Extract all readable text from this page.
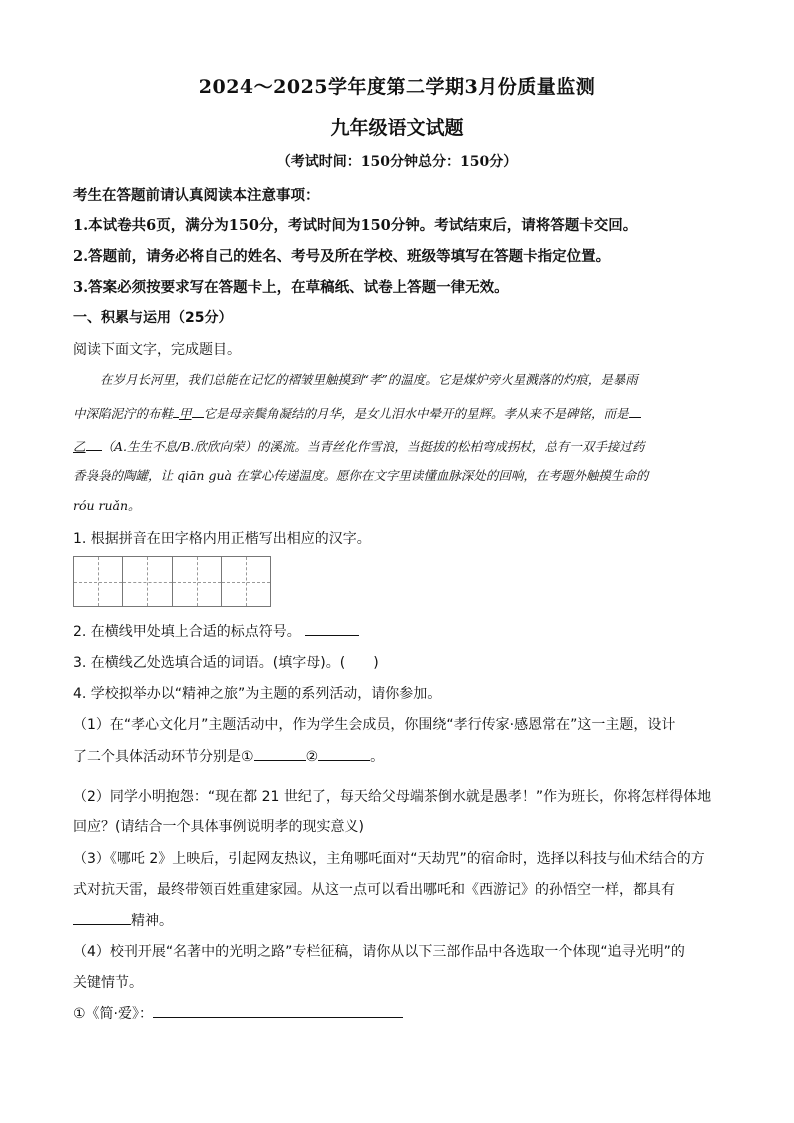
2024～2025学年度第二学期3月份质量监测
九年级语文试题
（考试时间：150分钟总分：150分）
考生在答题前请认真阅读本注意事项：
1.本试卷共6页，满分为150分，考试时间为150分钟。考试结束后，请将答题卡交回。
2.答题前，请务必将自己的姓名、考号及所在学校、班级等填写在答题卡指定位置。
3.答案必须按要求写在答题卡上，在草稿纸、试卷上答题一律无效。
一、积累与运用（25分）
阅读下面文字，完成题目。
在岁月长河里，我们总能在记忆的褶皱里触摸到“孝”的温度。它是煤炉旁火星溅落的灼痕，是暴雨
中深陷泥泞的布鞋 甲 它是母亲鬓角凝结的月华，是女儿泪水中晕开的星辉。孝从来不是碑铭，而是
乙 （A.生生不息/B.欣欣向荣）的溪流。当青丝化作雪浪，当挺拔的松柏弯成拐杖，总有一双手接过药
香袅袅的陶罐，让 qiān guà 在掌心传递温度。愿你在文字里读懂血脉深处的回响，在考题外触摸生命的
róu ruǎn。
1. 根据拼音在田字格内用正楷写出相应的汉字。
2. 在横线甲处填上合适的标点符号。
3. 在横线乙处选填合适的词语。(填字母)。(　　)
4. 学校拟举办以“精神之旅”为主题的系列活动，请你参加。
（1）在“孝心文化月”主题活动中，作为学生会成员，你围绕“孝行传家·感恩常在”这一主题，设计
了二个具体活动环节分别是①	②	。
（2）同学小明抱怨：“现在都 21 世纪了，每天给父母端茶倒水就是愚孝！”作为班长，你将怎样得体地
回应？(请结合一个具体事例说明孝的现实意义)
（3）《哪吒 2》上映后，引起网友热议，主角哪吒面对“天劫咒”的宿命时，选择以科技与仙术结合的方
式对抗天雷，最终带领百姓重建家园。从这一点可以看出哪吒和《西游记》的孙悟空一样，都具有
精神。
（4）校刊开展“名著中的光明之路”专栏征稿，请你从以下三部作品中各选取一个体现“追寻光明”的
关键情节。
①《简·爱》：
